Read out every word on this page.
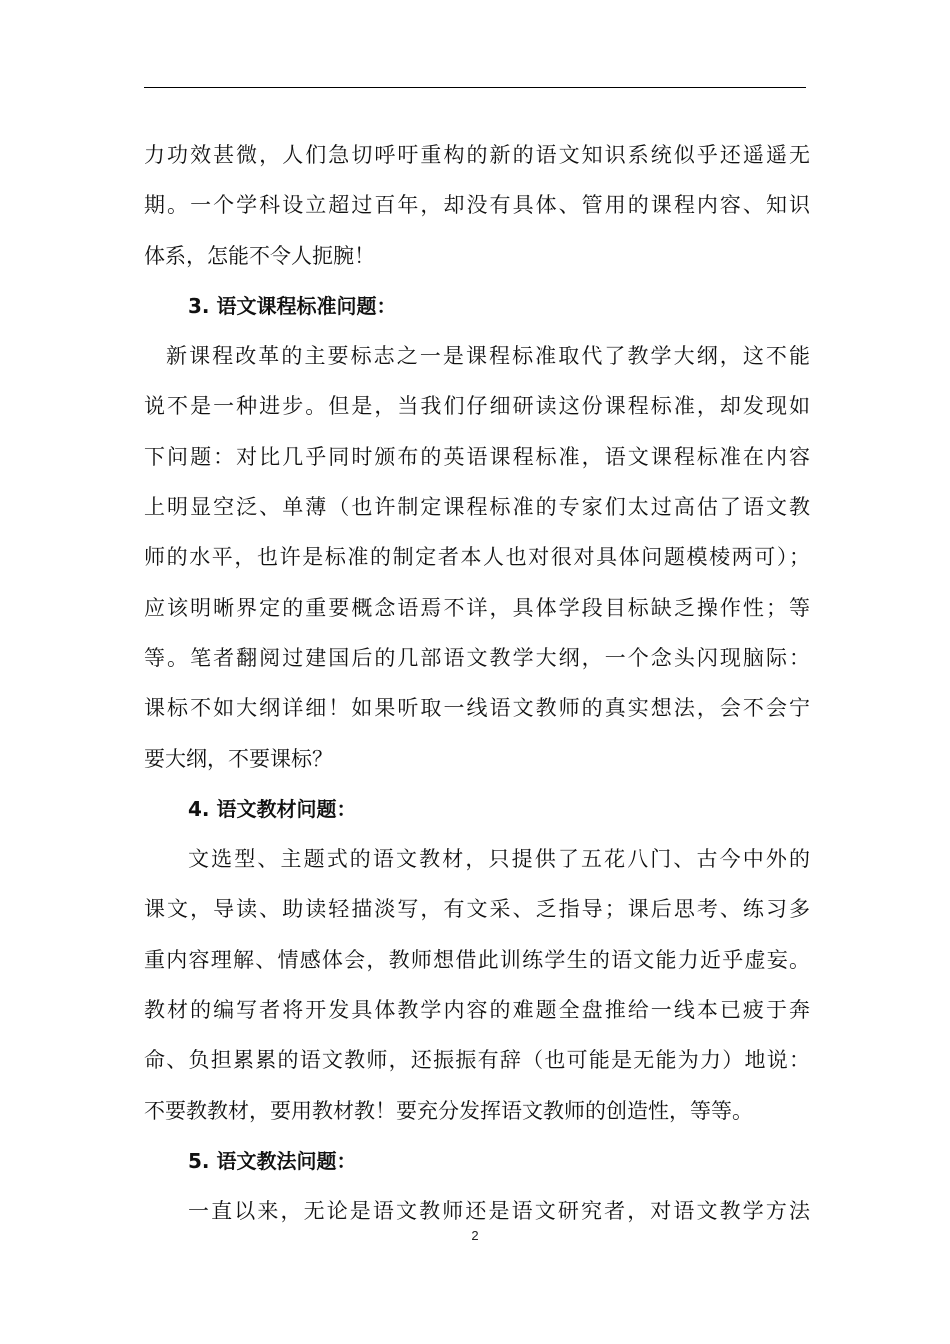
力功效甚微，人们急切呼吁重构的新的语文知识系统似乎还遥遥无
期。一个学科设立超过百年，却没有具体、管用的课程内容、知识
体系，怎能不令人扼腕！
3. 语文课程标准问题：
新课程改革的主要标志之一是课程标准取代了教学大纲，这不能
说不是一种进步。但是，当我们仔细研读这份课程标准，却发现如
下问题：对比几乎同时颁布的英语课程标准，语文课程标准在内容
上明显空泛、单薄（也许制定课程标准的专家们太过高估了语文教
师的水平，也许是标准的制定者本人也对很对具体问题模棱两可）；
应该明晰界定的重要概念语焉不详，具体学段目标缺乏操作性；等
等。笔者翻阅过建国后的几部语文教学大纲，一个念头闪现脑际：
课标不如大纲详细！如果听取一线语文教师的真实想法，会不会宁
要大纲，不要课标？
4. 语文教材问题：
文选型、主题式的语文教材，只提供了五花八门、古今中外的
课文，导读、助读轻描淡写，有文采、乏指导；课后思考、练习多
重内容理解、情感体会，教师想借此训练学生的语文能力近乎虚妄。
教材的编写者将开发具体教学内容的难题全盘推给一线本已疲于奔
命、负担累累的语文教师，还振振有辞（也可能是无能为力）地说：
不要教教材，要用教材教！要充分发挥语文教师的创造性，等等。
5. 语文教法问题：
一直以来，无论是语文教师还是语文研究者，对语文教学方法
2
